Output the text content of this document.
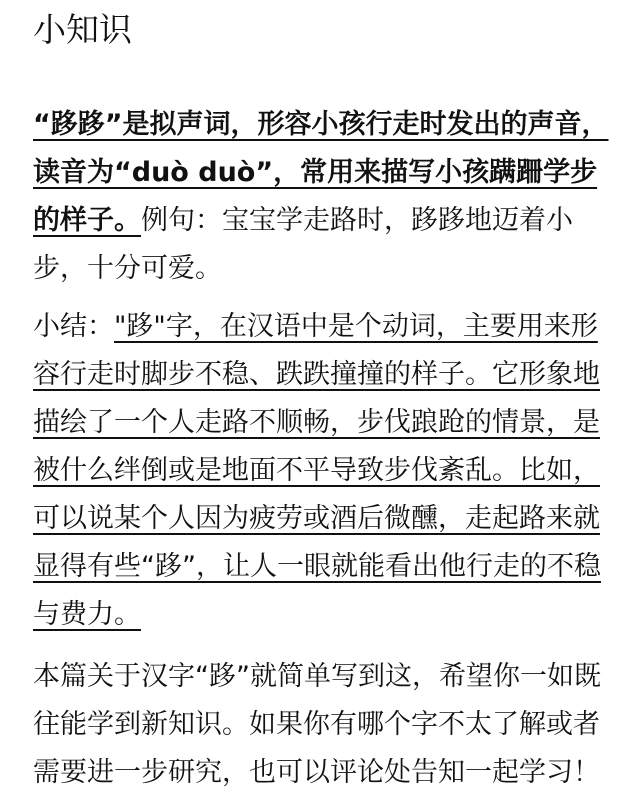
小知识

“跢跢”是拟声词，形容小孩行走时发出的声音，读音为“duò duò”，常用来描写小孩蹒跚学步的样子。例句：宝宝学走路时，跢跢地迈着小步，十分可爱。

小结："跢"字，在汉语中是个动词，主要用来形容行走时脚步不稳、跌跌撞撞的样子。它形象地描绘了一个人走路不顺畅，步伐踉跄的情景，是被什么绊倒或是地面不平导致步伐紊乱。比如，可以说某个人因为疲劳或酒后微醺，走起路来就显得有些“跢”，让人一眼就能看出他行走的不稳与费力。

本篇关于汉字“跢”就简单写到这，希望你一如既往能学到新知识。如果你有哪个字不太了解或者需要进一步研究，也可以评论处告知一起学习！
